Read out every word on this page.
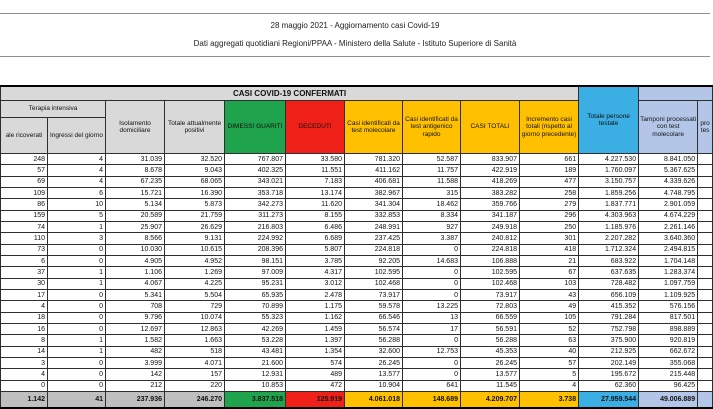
28 maggio 2021 - Aggiornamento casi Covid-19
Dati aggregati quotidiani Regioni/PPAA - Ministero della Salute - Istituto Superiore di Sanità
CASI COVID-19 CONFERMATI										Totale persone testate		
Terapia intensiva		Isolamento domiciliare	Totale attualmente positivi	DIMESSI GUARITI	DECEDUTI	Casi identificati da test molecolare	Casi identificati da test antigenico rapido	CASI TOTALI	Incremento casi totali (rispetto al giorno precedente)		Tamponi processati con test molecolare	pro tes
ale ricoverati	Ingressi del giorno											
248	4	31.039	32.520	767.807	33.580	781.320	52.587	833.907	661	4.227.530	8.841.050	
57	4	8.678	9.043	402.325	11.551	411.162	11.757	422.919	189	1.760.097	5.367.625	
69	4	67.235	68.065	343.021	7.183	406.681	11.588	418.269	477	3.150.757	4.339.626	
109	6	15.721	16.390	353.718	13.174	382.967	315	383.282	258	1.859.256	4.748.795	
86	10	5.134	5.873	342.273	11.620	341.304	18.462	359.766	279	1.837.771	2.901.059	
159	5	20.589	21.759	311.273	8.155	332.853	8.334	341.187	296	4.303.963	4.674.229	
74	1	25.907	26.629	216.803	6.486	248.991	927	249.918	250	1.185.976	2.261.146	
110	3	8.566	9.131	224.992	6.689	237.425	3.387	240.812	301	2.207.282	3.640.360	
73	0	10.030	10.615	208.396	5.807	224.818	0	224.818	418	1.712.324	2.494.815	
6	0	4.905	4.952	98.151	3.785	92.205	14.683	106.888	21	683.922	1.704.148	
37	1	1.106	1.269	97.009	4.317	102.595	0	102.595	67	637.635	1.283.374	
30	1	4.067	4.225	95.231	3.012	102.468	0	102.468	103	728.482	1.097.759	
17	0	5.341	5.504	65.935	2.478	73.917	0	73.917	43	656.109	1.109.925	
4	0	708	729	70.899	1.175	59.578	13.225	72.803	49	415.352	576.156	
18	0	9.796	10.074	55.323	1.162	66.546	13	66.559	105	791.284	817.501	
16	0	12.697	12.863	42.269	1.459	56.574	17	56.591	52	752.798	898.889	
8	1	1.582	1.663	53.228	1.397	56.288	0	56.288	63	375.900	920.819	
14	1	482	518	43.481	1.354	32.600	12.753	45.353	40	212.925	662.672	
3	0	3.999	4.071	21.600	574	26.245	0	26.245	57	202.149	355.068	
4	0	142	157	12.931	489	13.577	0	13.577	5	195.672	215.448	
0	0	212	220	10.853	472	10.904	641	11.545	4	62.360	96.425	
1.142	41	237.936	246.270	3.837.518	125.919	4.061.018	148.689	4.209.707	3.738	27.959.544	49.006.889	
